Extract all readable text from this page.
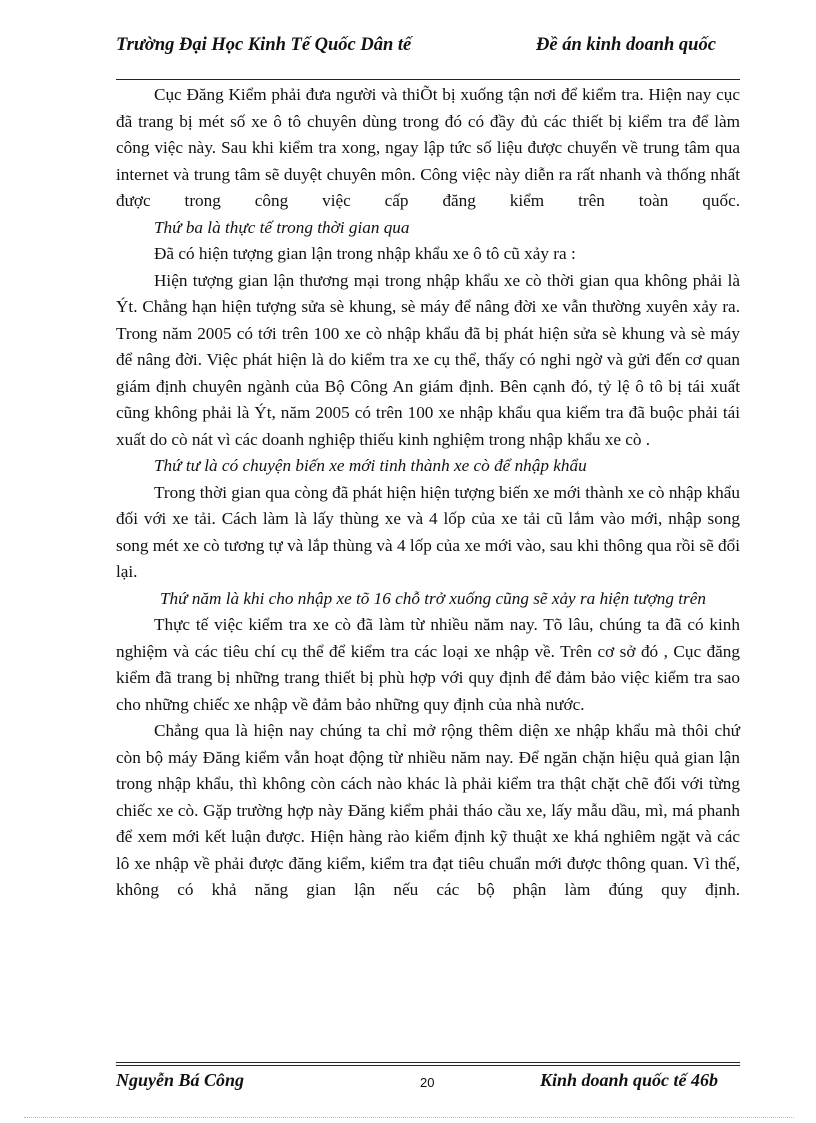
Trường Đại Học Kinh Tế Quốc Dân tế	Đề án kinh doanh quốc

Cục Đăng Kiểm phải đưa người và thiÕt bị xuống tận nơi để kiểm tra. Hiện nay cục đã trang bị mét số xe ô tô chuyên dùng trong đó có đầy đủ các thiết bị kiểm tra để làm công việc này. Sau khi kiểm tra xong, ngay lập tức số liệu được chuyển về trung tâm qua internet và trung tâm sẽ duyệt chuyên môn. Công việc này diễn ra rất nhanh và thống nhất được trong công việc cấp đăng kiểm trên toàn quốc.

Thứ ba là thực tế trong thời gian qua

Đã có hiện tượng gian lận trong nhập khẩu xe ô tô cũ xảy ra :

Hiện tượng gian lận thương mại trong nhập khẩu xe cò thời gian qua không phải là Ýt. Chẳng hạn hiện tượng sửa sè khung, sè máy để nâng đời xe vẫn thường xuyên xảy ra. Trong năm 2005 có tới trên 100 xe cò nhập khẩu đã bị phát hiện sửa sè khung và sè máy để nâng đời. Việc phát hiện là do kiểm tra xe cụ thể, thấy có nghi ngờ và gửi đến cơ quan giám định chuyên ngành của Bộ Công An giám định. Bên cạnh đó, tỷ lệ ô tô bị tái xuất cũng không phải là Ýt, năm 2005 có trên 100 xe nhập khẩu qua kiểm tra đã buộc phải tái xuất do cò nát vì các doanh nghiệp thiếu kinh nghiệm trong nhập khẩu xe cò .

Thứ tư là có chuyện biến xe mới tinh thành xe cò để nhập khẩu

Trong thời gian qua còng đã phát hiện hiện tượng biến xe mới thành xe cò nhập khẩu đối với xe tải. Cách làm là lấy thùng xe và 4 lốp của xe tải cũ lắm vào mới, nhập song song mét xe cò tương tự và lắp thùng và 4 lốp của xe mới vào, sau khi thông qua rồi sẽ đổi lại.

Thứ năm là khi cho nhập xe tõ 16 chỗ trở xuống cũng sẽ xảy ra hiện tượng trên

Thực tế việc kiểm tra xe cò đã làm từ nhiều năm nay. Tõ lâu, chúng ta đã có kinh nghiệm và các tiêu chí cụ thể để kiểm tra các loại xe nhập về. Trên cơ sở đó , Cục đăng kiểm đã trang bị những trang thiết bị phù hợp với quy định để đảm bảo việc kiểm tra sao cho những chiếc xe nhập về đảm bảo những quy định của nhà nước.

Chẳng qua là hiện nay chúng ta chỉ mở rộng thêm diện xe nhập khẩu mà thôi chứ còn bộ máy Đăng kiểm vẫn hoạt động từ nhiều năm nay. Để ngăn chặn hiệu quả gian lận trong nhập khẩu, thì không còn cách nào khác là phải kiểm tra thật chặt chẽ đối với từng chiếc xe cò. Gặp trường hợp này Đăng kiểm phải tháo cầu xe, lấy mẫu dầu, mì, má phanh để xem mới kết luận được. Hiện hàng rào kiểm định kỹ thuật xe khá nghiêm ngặt và các lô xe nhập về phải được đăng kiểm, kiểm tra đạt tiêu chuẩn mới được thông quan. Vì thế, không có khả năng gian lận nếu các bộ phận làm đúng quy định.

Nguyễn Bá Công	20	Kinh doanh quốc tế 46b
